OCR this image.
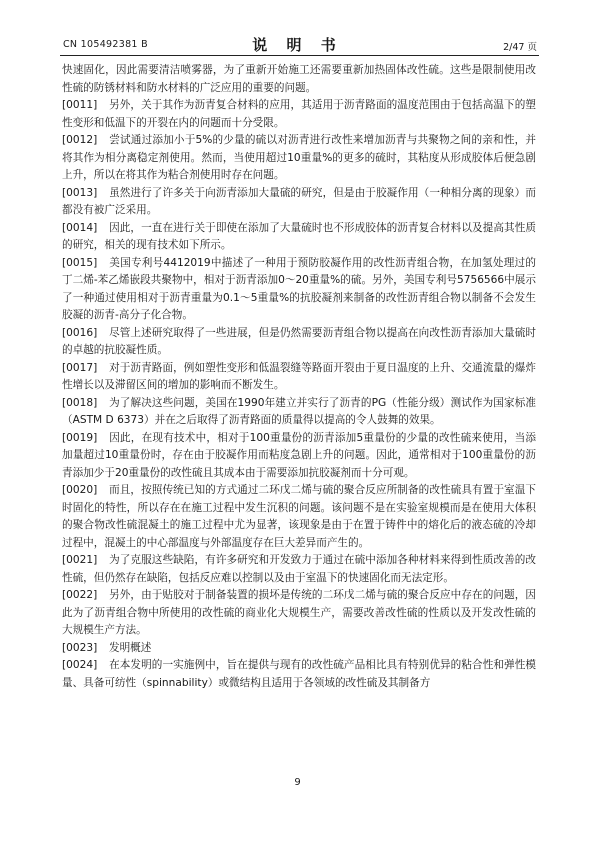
CN 105492381 B	说 明 书	2/47 页

快速固化，因此需要清洁喷雾器，为了重新开始施工还需要重新加热固体改性硫。这些是限制使用改性硫的防锈材料和防水材料的广泛应用的重要的问题。

[0011] 另外，关于其作为沥青复合材料的应用，其适用于沥青路面的温度范围由于包括高温下的塑性变形和低温下的开裂在内的问题而十分受限。

[0012] 尝试通过添加小于5%的少量的硫以对沥青进行改性来增加沥青与共聚物之间的亲和性，并将其作为相分离稳定剂使用。然而，当使用超过10重量%的更多的硫时，其粘度从形成胶体后便急剧上升，所以在将其作为粘合剂使用时存在问题。

[0013] 虽然进行了许多关于向沥青添加大量硫的研究，但是由于胶凝作用（一种相分离的现象）而都没有被广泛采用。

[0014] 因此，一直在进行关于即使在添加了大量硫时也不形成胶体的沥青复合材料以及提高其性质的研究，相关的现有技术如下所示。

[0015] 美国专利号4412019中描述了一种用于预防胶凝作用的改性沥青组合物，在加氢处理过的丁二烯-苯乙烯嵌段共聚物中，相对于沥青添加0～20重量%的硫。另外，美国专利号5756566中展示了一种通过使用相对于沥青重量为0.1～5重量%的抗胶凝剂来制备的改性沥青组合物以制备不会发生胶凝的沥青-高分子化合物。

[0016] 尽管上述研究取得了一些进展，但是仍然需要沥青组合物以提高在向改性沥青添加大量硫时的卓越的抗胶凝性质。

[0017] 对于沥青路面，例如塑性变形和低温裂缝等路面开裂由于夏日温度的上升、交通流量的爆炸性增长以及滞留区间的增加的影响而不断发生。

[0018] 为了解决这些问题，美国在1990年建立并实行了沥青的PG（性能分级）测试作为国家标准（ASTM D 6373）并在之后取得了沥青路面的质量得以提高的令人鼓舞的效果。

[0019] 因此，在现有技术中，相对于100重量份的沥青添加5重量份的少量的改性硫来使用，当添加量超过10重量份时，存在由于胶凝作用而粘度急剧上升的问题。因此，通常相对于100重量份的沥青添加少于20重量份的改性硫且其成本由于需要添加抗胶凝剂而十分可观。

[0020] 而且，按照传统已知的方式通过二环戊二烯与硫的聚合反应所制备的改性硫具有置于室温下时固化的特性，所以存在在施工过程中发生沉积的问题。该问题不是在实验室规模而是在使用大体积的聚合物改性硫混凝土的施工过程中尤为显著，该现象是由于在置于铸件中的熔化后的液态硫的冷却过程中，混凝土的中心部温度与外部温度存在巨大差异而产生的。

[0021] 为了克服这些缺陷，有许多研究和开发致力于通过在硫中添加各种材料来得到性质改善的改性硫，但仍然存在缺陷，包括反应难以控制以及由于室温下的快速固化而无法定形。

[0022] 另外，由于贴胶对于制备装置的损坏是传统的二环戊二烯与硫的聚合反应中存在的问题，因此为了沥青组合物中所使用的改性硫的商业化大规模生产，需要改善改性硫的性质以及开发改性硫的大规模生产方法。

[0023] 发明概述

[0024] 在本发明的一实施例中，旨在提供与现有的改性硫产品相比具有特别优异的粘合性和弹性模量、具备可纺性（spinnability）或微结构且适用于各领域的改性硫及其制备方

9
